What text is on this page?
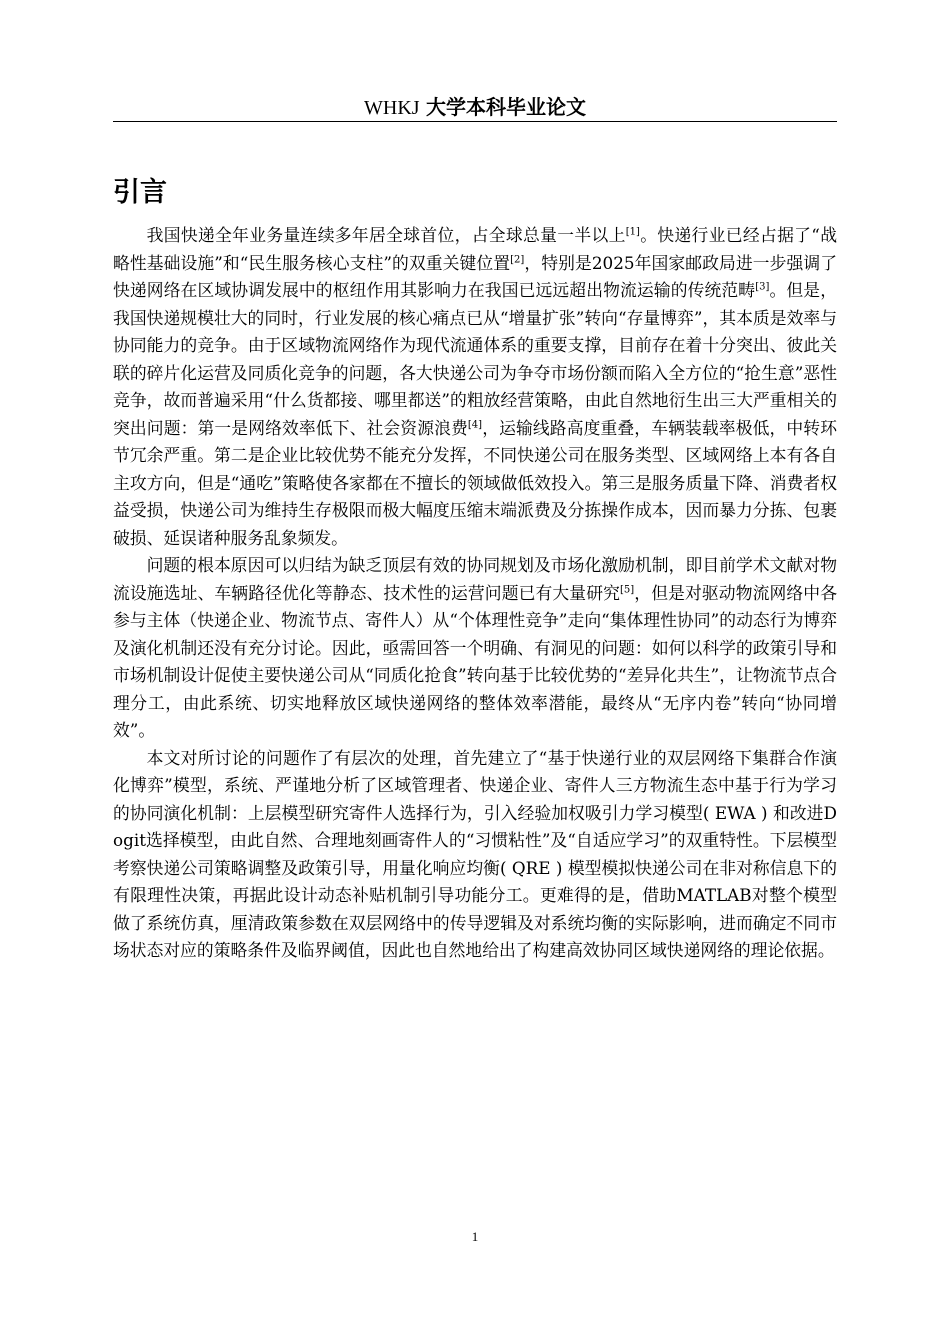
WHKJ 大学本科毕业论文
引言

我国快递全年业务量连续多年居全球首位，占全球总量一半以上[1]。快递行业已经占据了“战略性基础设施”和“民生服务核心支柱”的双重关键位置[2]，特别是2025年国家邮政局进一步强调了快递网络在区域协调发展中的枢纽作用其影响力在我国已远远超出物流运输的传统范畴[3]。但是，我国快递规模壮大的同时，行业发展的核心痛点已从“增量扩张”转向“存量博弈”，其本质是效率与协同能力的竞争。由于区域物流网络作为现代流通体系的重要支撑，目前存在着十分突出、彼此关联的碎片化运营及同质化竞争的问题，各大快递公司为争夺市场份额而陷入全方位的“抢生意”恶性竞争，故而普遍采用“什么货都接、哪里都送”的粗放经营策略，由此自然地衍生出三大严重相关的突出问题：第一是网络效率低下、社会资源浪费[4]，运输线路高度重叠，车辆装载率极低，中转环节冗余严重。第二是企业比较优势不能充分发挥，不同快递公司在服务类型、区域网络上本有各自主攻方向，但是“通吃”策略使各家都在不擅长的领域做低效投入。第三是服务质量下降、消费者权益受损，快递公司为维持生存极限而极大幅度压缩末端派费及分拣操作成本，因而暴力分拣、包裹破损、延误诸种服务乱象频发。

问题的根本原因可以归结为缺乏顶层有效的协同规划及市场化激励机制，即目前学术文献对物流设施选址、车辆路径优化等静态、技术性的运营问题已有大量研究[5]，但是对驱动物流网络中各参与主体（快递企业、物流节点、寄件人）从“个体理性竞争”走向“集体理性协同”的动态行为博弈及演化机制还没有充分讨论。因此，亟需回答一个明确、有洞见的问题：如何以科学的政策引导和市场机制设计促使主要快递公司从“同质化抢食”转向基于比较优势的“差异化共生”，让物流节点合理分工，由此系统、切实地释放区域快递网络的整体效率潜能，最终从“无序内卷”转向“协同增效”。

本文对所讨论的问题作了有层次的处理，首先建立了“基于快递行业的双层网络下集群合作演化博弈”模型，系统、严谨地分析了区域管理者、快递企业、寄件人三方物流生态中基于行为学习的协同演化机制：上层模型研究寄件人选择行为，引入经验加权吸引力学习模型( EWA ) 和改进Dogit选择模型，由此自然、合理地刻画寄件人的“习惯粘性”及“自适应学习”的双重特性。下层模型考察快递公司策略调整及政策引导，用量化响应均衡( QRE ) 模型模拟快递公司在非对称信息下的有限理性决策，再据此设计动态补贴机制引导功能分工。更难得的是，借助MATLAB对整个模型做了系统仿真，厘清政策参数在双层网络中的传导逻辑及对系统均衡的实际影响，进而确定不同市场状态对应的策略条件及临界阈值，因此也自然地给出了构建高效协同区域快递网络的理论依据。

1
